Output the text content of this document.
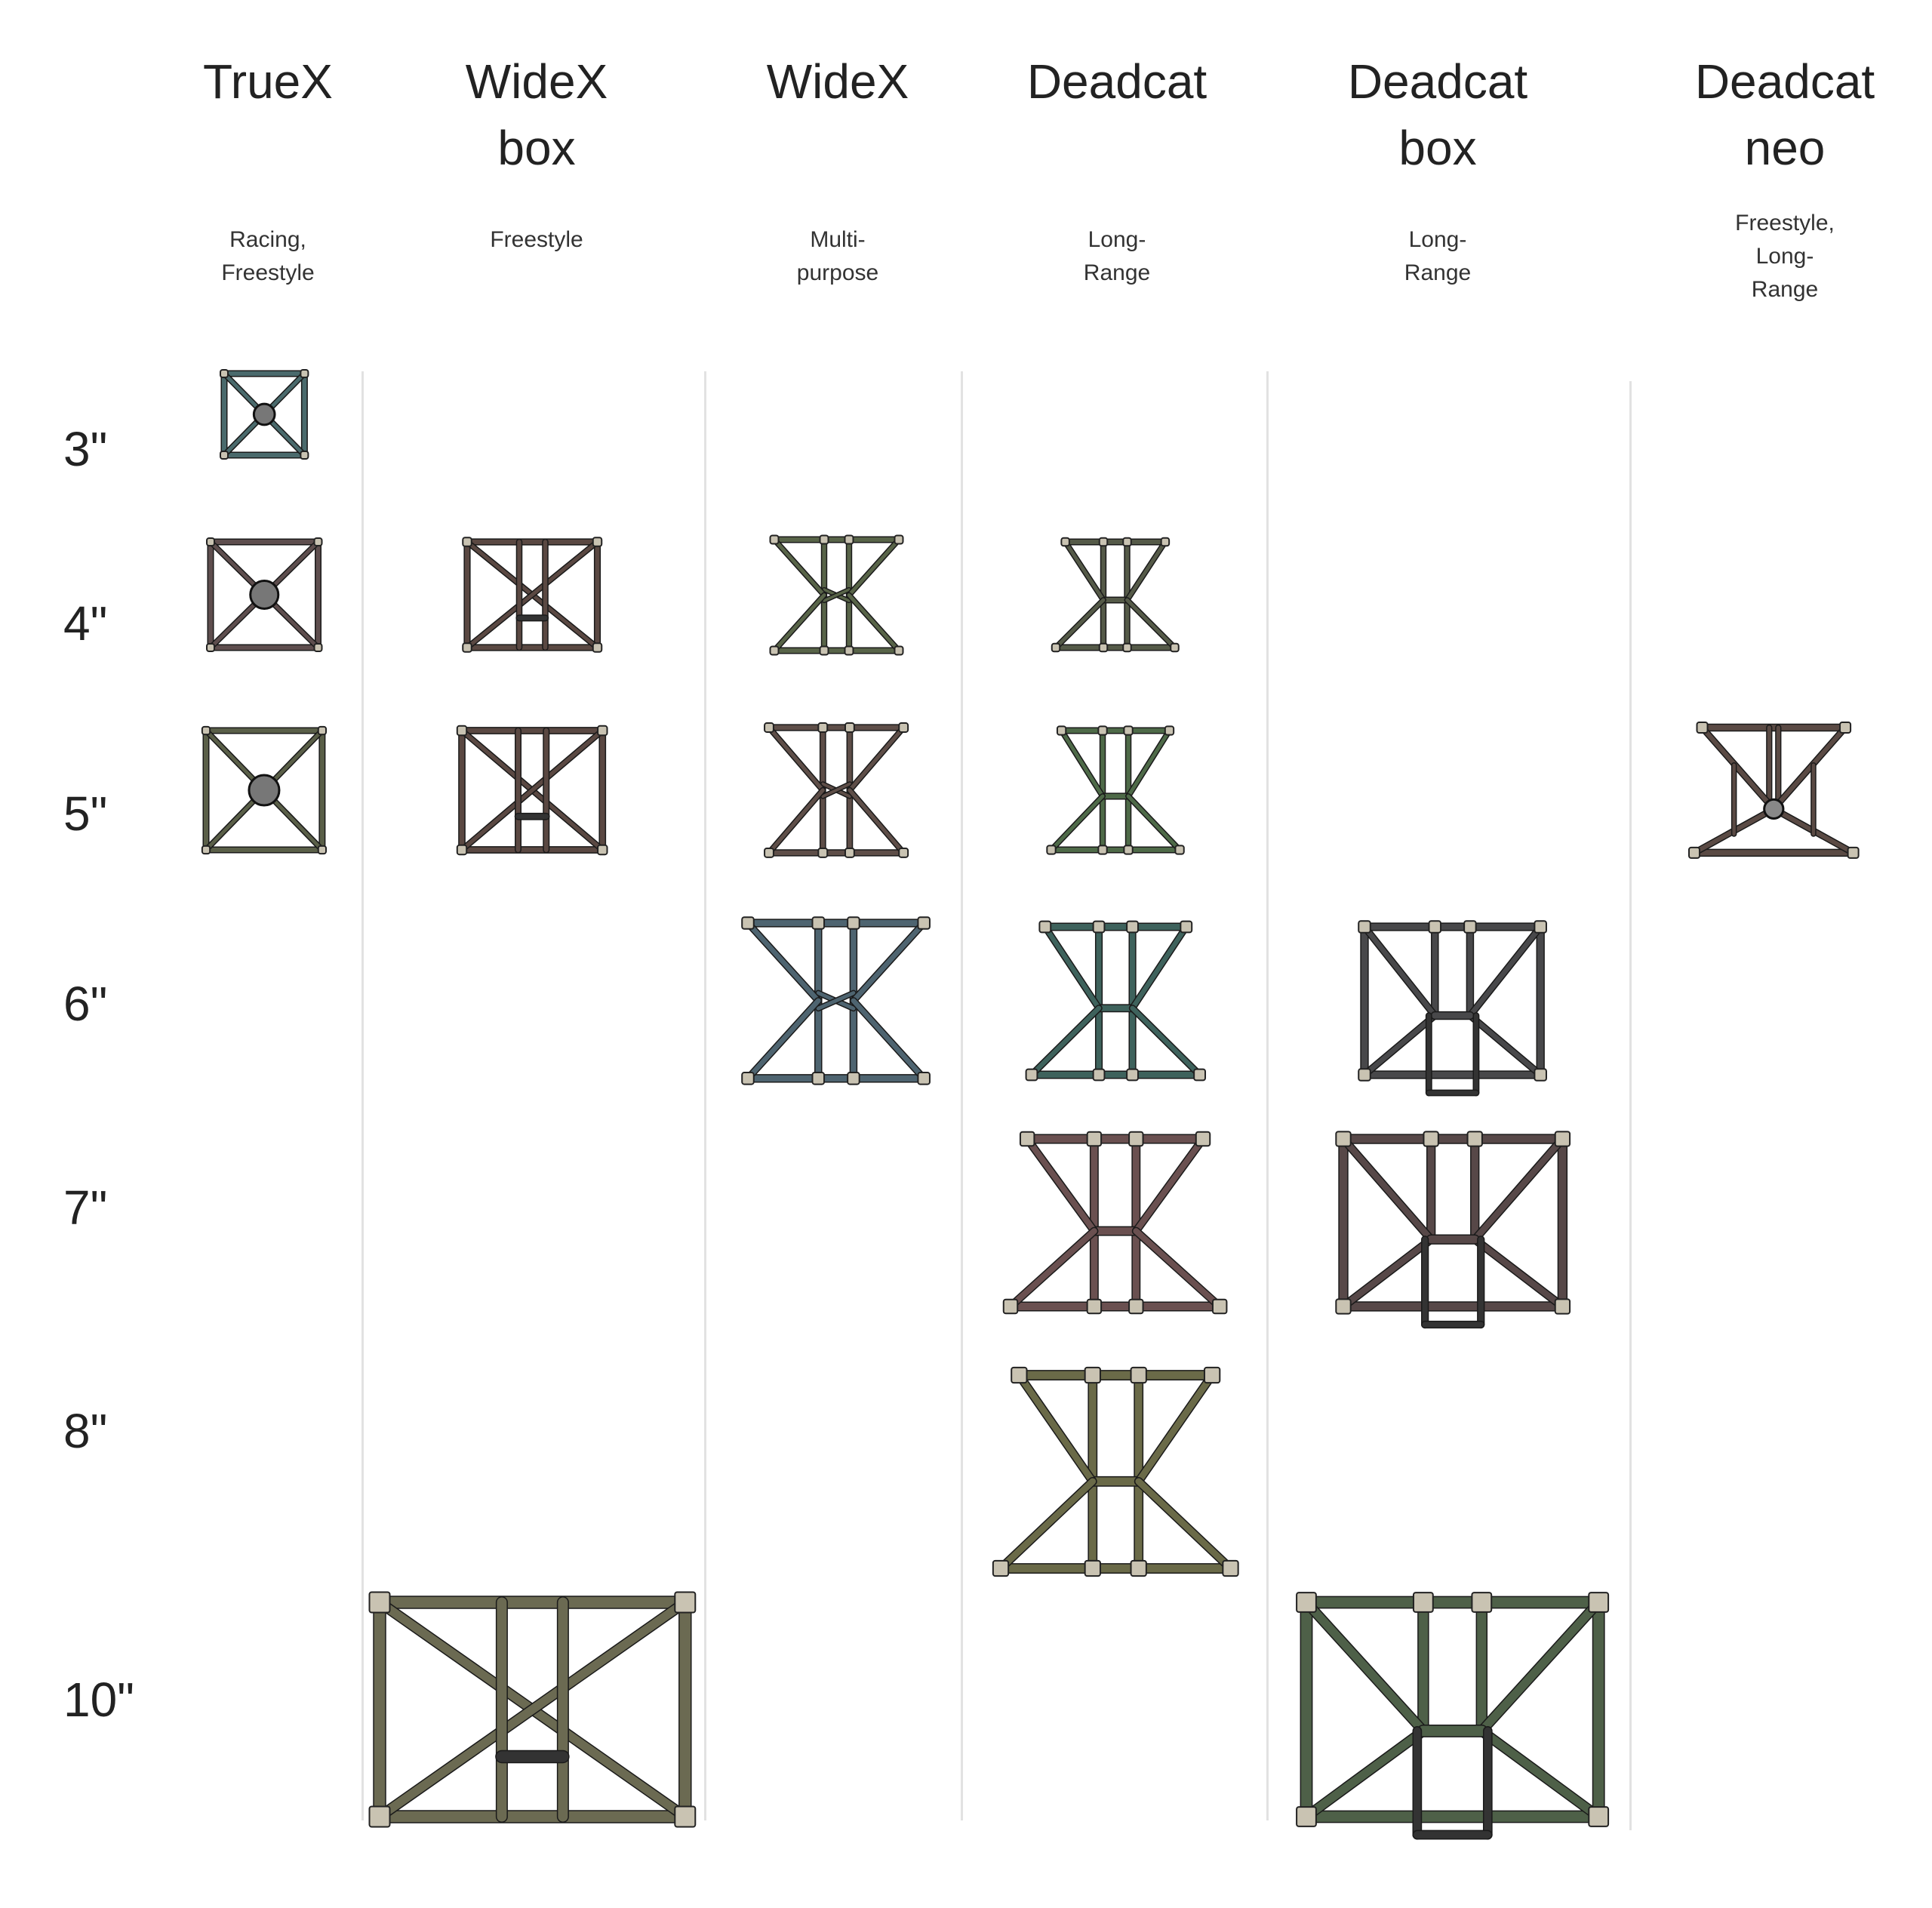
TrueX
Racing,
Freestyle
WideX
box
Freestyle
WideX
Multi-
purpose
Deadcat
Long-
Range
Deadcat
box
Long-
Range
Deadcat
neo
Freestyle,
Long-
Range
3"
4"
5"
6"
7"
8"
10"
